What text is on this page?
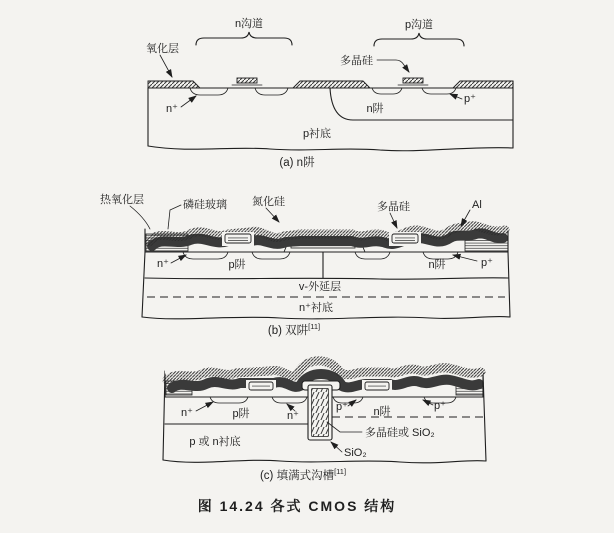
n沟道	p沟道
氧化层
多晶硅
n⁺
p⁺
n阱
p衬底
(a) n阱
热氧化层	磷硅玻璃 氮化硅	多晶硅	Al
n⁺	p阱	n阱	p⁺
v-外延层
n⁺衬底
(b) 双阱[11]
n⁺	p阱	n⁺
p⁺ n阱	p⁺
p 或 n衬底
多晶硅或 SiO₂
SiO₂
(c) 填满式沟槽[11]
图 14.24 各式 CMOS 结构
